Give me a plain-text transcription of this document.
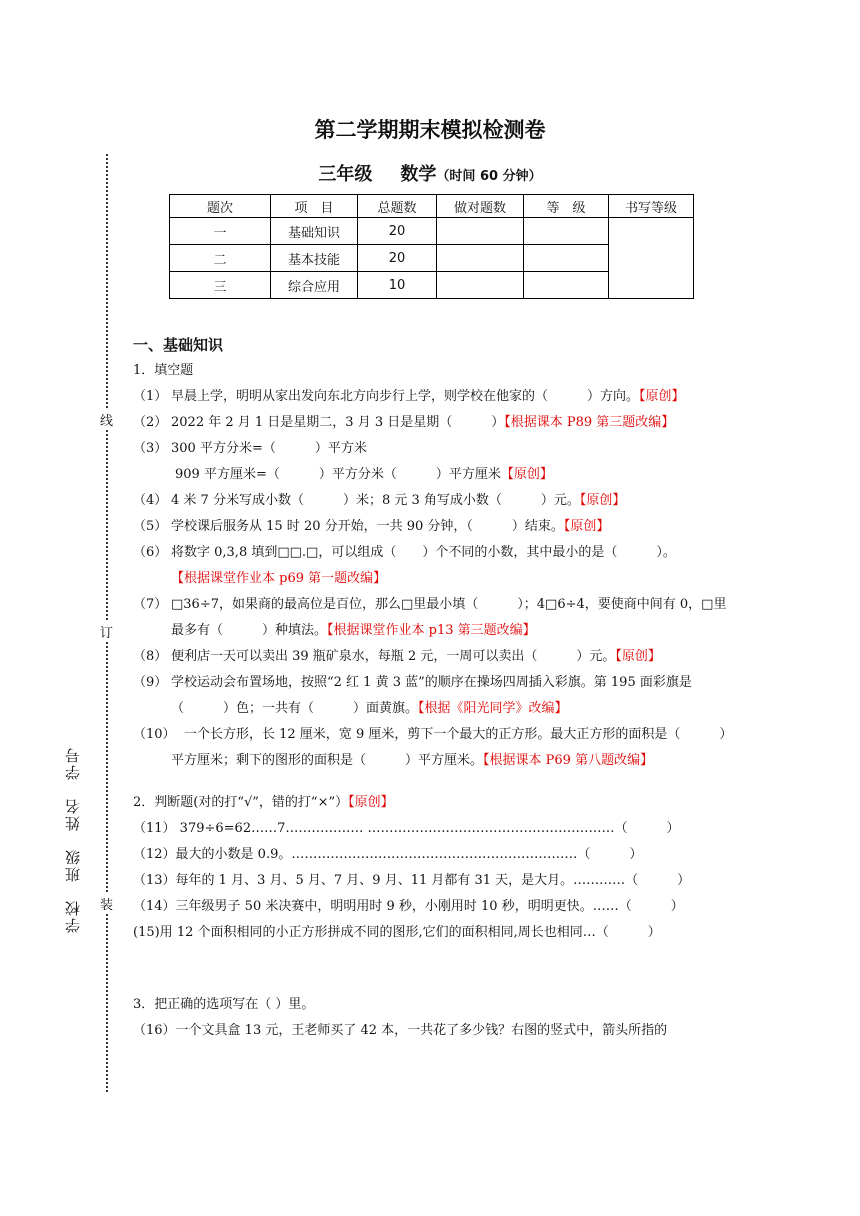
第二学期期末模拟检测卷
三年级 数学（时间 60 分钟）
题次	项　目	总题数	做对题数	等　级	书写等级
一	基础知识	20			
二	基本技能	20			
三	综合应用	10			
线
订
装
学校　班级　姓名　学号
一、基础知识
1．填空题
（1） 早晨上学，明明从家出发向东北方向步行上学，则学校在他家的（　　　）方向。【原创】
（2） 2022 年 2 月 1 日是星期二，3 月 3 日是星期（　　　）【根据课本 P89 第三题改编】
（3） 300 平方分米=（　　　）平方米
909 平方厘米=（　　　）平方分米（　　　）平方厘米【原创】
（4） 4 米 7 分米写成小数（　　　）米；8 元 3 角写成小数（　　　）元。【原创】
（5） 学校课后服务从 15 时 20 分开始，一共 90 分钟，（　　　）结束。【原创】
（6） 将数字 0,3,8 填到□□.□，可以组成（　　）个不同的小数，其中最小的是（　　　）。
【根据课堂作业本 p69 第一题改编】
（7） □36÷7，如果商的最高位是百位，那么□里最小填（　　　）；4□6÷4，要使商中间有 0，□里最多有（　　　）种填法。【根据课堂作业本 p13 第三题改编】
（8） 便利店一天可以卖出 39 瓶矿泉水，每瓶 2 元，一周可以卖出（　　　）元。【原创】
（9） 学校运动会布置场地，按照“2 红 1 黄 3 蓝”的顺序在操场四周插入彩旗。第 195 面彩旗是（　　　）色；一共有（　　　）面黄旗。【根据《阳光同学》改编】
（10）
　一个长方形，长 12 厘米，宽 9 厘米，剪下一个最大的正方形。最大正方形的面积是（　　　）平方厘米；剩下的图形的面积是（　　　）平方厘米。【根据课本 P69 第八题改编】
2．判断题(对的打“√”，错的打“×”）【原创】
（11） 379÷6=62……7……………… …………………………………………………（　　　）
（12）最大的小数是 0.9。…………………………………………………………（　　　）
（13）每年的 1 月、3 月、5 月、7 月、9 月、11 月都有 31 天，是大月。…………（　　　）
（14）三年级男子 50 米决赛中，明明用时 9 秒，小刚用时 10 秒，明明更快。……（　　　）
(15)用 12 个面积相同的小正方形拼成不同的图形,它们的面积相同,周长也相同…（　　　）
3．把正确的选项写在（ ）里。
（16）一个文具盒 13 元，王老师买了 42 本，一共花了多少钱？右图的竖式中，箭头所指的
